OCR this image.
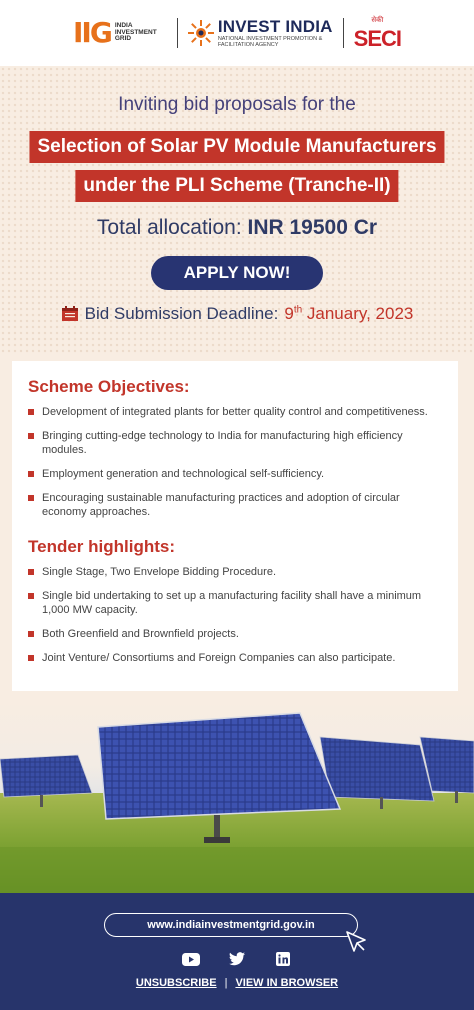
IIG INDIA INVESTMENT GRID
INVEST INDIA
NATIONAL INVESTMENT PROMOTION & FACILITATION AGENCY
सेकी
SECI
Inviting bid proposals for the
Selection of Solar PV Module Manufacturers
under the PLI Scheme (Tranche-II)
Total allocation: INR 19500 Cr
APPLY NOW!
Bid Submission Deadline: 9th January, 2023
Scheme Objectives:
Development of integrated plants for better quality control and competitiveness.
Bringing cutting-edge technology to India for manufacturing high efficiency modules.
Employment generation and technological self-sufficiency.
Encouraging sustainable manufacturing practices and adoption of circular economy approaches.
Tender highlights:
Single Stage, Two Envelope Bidding Procedure.
Single bid undertaking to set up a manufacturing facility shall have a minimum 1,000 MW capacity.
Both Greenfield and Brownfield projects.
Joint Venture/ Consortiums and Foreign Companies can also participate.
www.indiainvestmentgrid.gov.in
UNSUBSCRIBE | VIEW IN BROWSER
